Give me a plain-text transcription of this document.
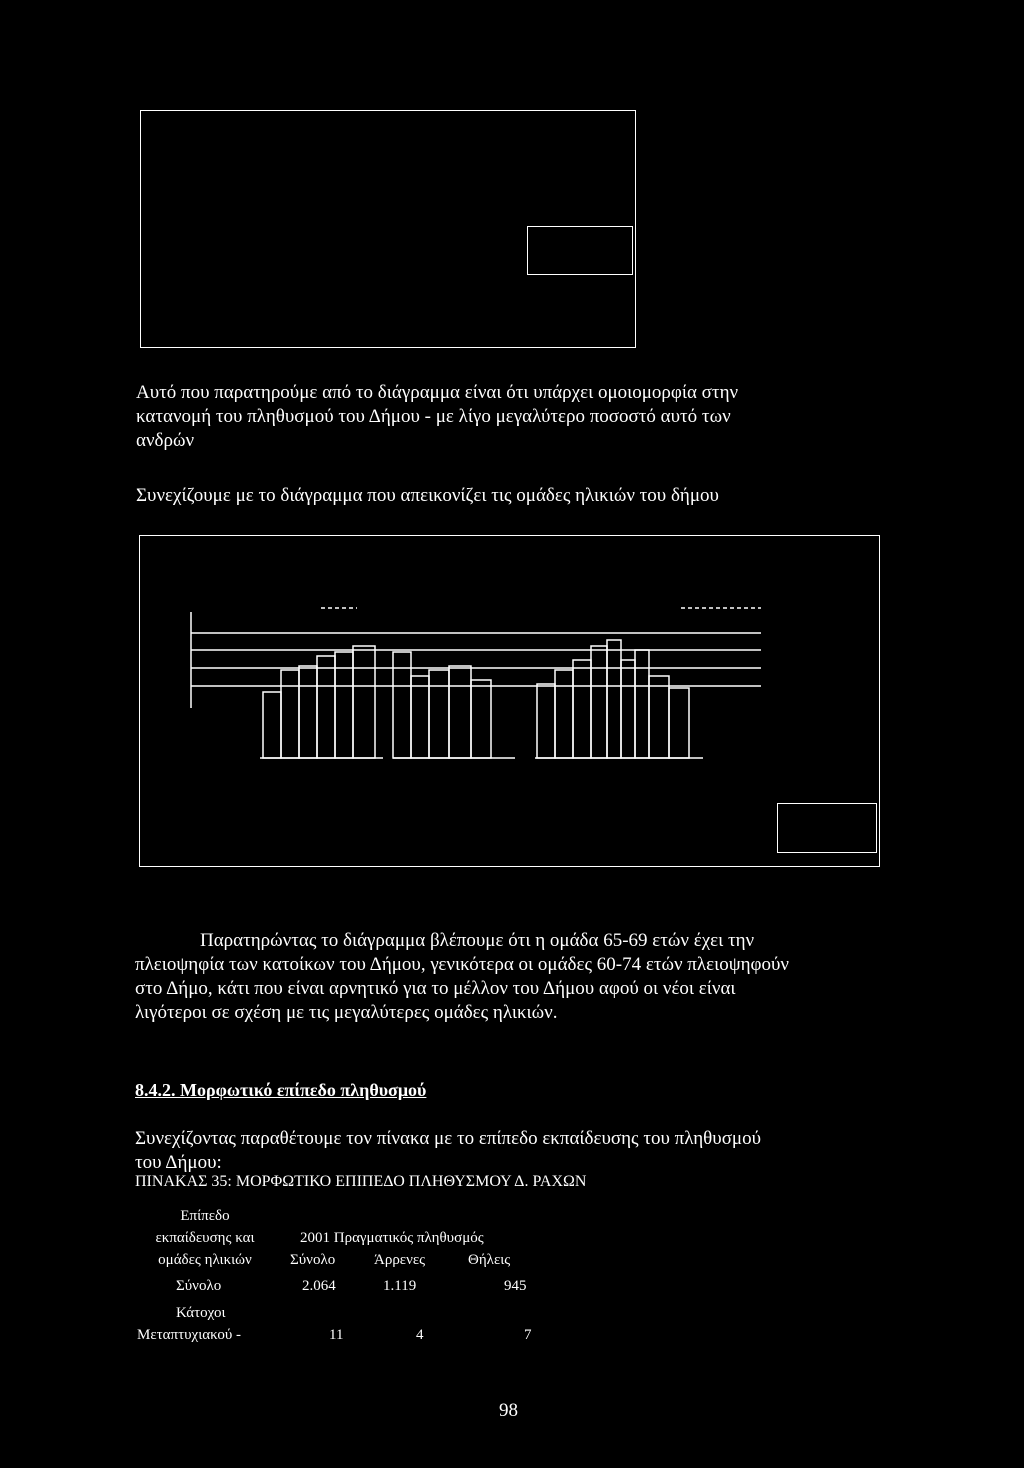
Αυτό που παρατηρούμε από το διάγραμμα είναι ότι υπάρχει ομοιομορφία στην
κατανομή του πληθυσμού του Δήμου - με λίγο μεγαλύτερο ποσοστό αυτό των
ανδρών
Συνεχίζουμε με το διάγραμμα που απεικονίζει τις ομάδες ηλικιών του δήμου
Παρατηρώντας το διάγραμμα βλέπουμε ότι η ομάδα 65-69 ετών έχει την
πλειοψηφία των κατοίκων του Δήμου, γενικότερα οι ομάδες 60-74 ετών πλειοψηφούν
στο Δήμο, κάτι που είναι αρνητικό για το μέλλον του Δήμου αφού οι νέοι είναι
λιγότεροι σε σχέση με τις μεγαλύτερες ομάδες ηλικιών.
8.4.2. Μορφωτικό επίπεδο πληθυσμού
Συνεχίζοντας παραθέτουμε τον πίνακα με το επίπεδο εκπαίδευσης του πληθυσμού
του Δήμου:
ΠΙΝΑΚΑΣ 35: ΜΟΡΦΩΤΙΚΟ ΕΠΙΠΕΔΟ ΠΛΗΘΥΣΜΟΥ Δ. ΡΑΧΩΝ
Επίπεδο
εκπαίδευσης και
ομάδες ηλικιών
2001 Πραγματικός πληθυσμός
Σύνολο	Άρρενες	Θήλεις
Σύνολο	2.064	1.119	945
Κάτοχοι
Μεταπτυχιακού -	11	4	7
98
